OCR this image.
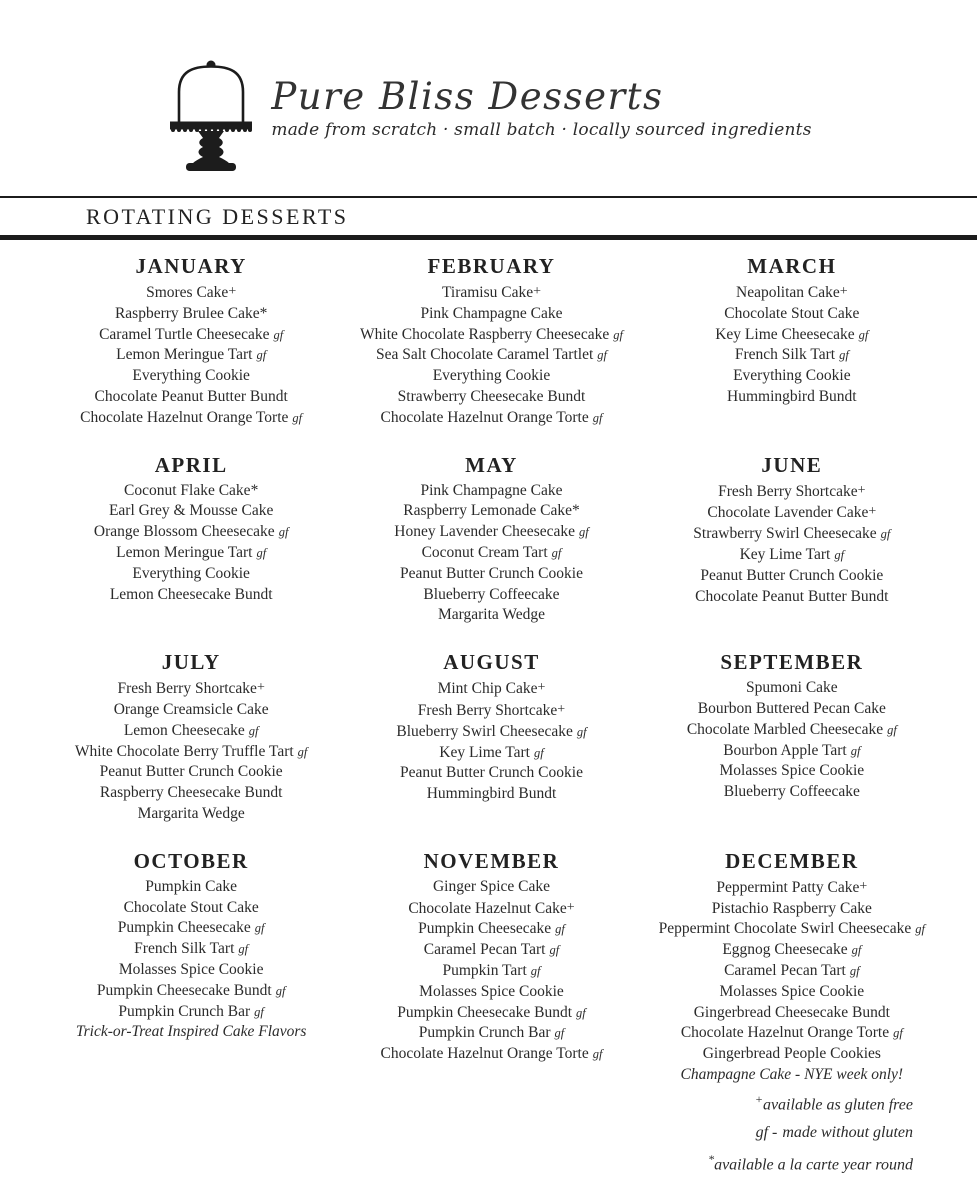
Pure Bliss Desserts
made from scratch · small batch · locally sourced ingredients
ROTATING DESSERTS
JANUARY
Smores Cake+
Raspberry Brulee Cake*
Caramel Turtle Cheesecake gf
Lemon Meringue Tart gf
Everything Cookie
Chocolate Peanut Butter Bundt
Chocolate Hazelnut Orange Torte gf
FEBRUARY
Tiramisu Cake+
Pink Champagne Cake
White Chocolate Raspberry Cheesecake gf
Sea Salt Chocolate Caramel Tartlet gf
Everything Cookie
Strawberry Cheesecake Bundt
Chocolate Hazelnut Orange Torte gf
MARCH
Neapolitan Cake+
Chocolate Stout Cake
Key Lime Cheesecake gf
French Silk Tart gf
Everything Cookie
Hummingbird Bundt
APRIL
Coconut Flake Cake*
Earl Grey & Mousse Cake
Orange Blossom Cheesecake gf
Lemon Meringue Tart gf
Everything Cookie
Lemon Cheesecake Bundt
MAY
Pink Champagne Cake
Raspberry Lemonade Cake*
Honey Lavender Cheesecake gf
Coconut Cream Tart gf
Peanut Butter Crunch Cookie
Blueberry Coffeecake
Margarita Wedge
JUNE
Fresh Berry Shortcake+
Chocolate Lavender Cake+
Strawberry Swirl Cheesecake gf
Key Lime Tart gf
Peanut Butter Crunch Cookie
Chocolate Peanut Butter Bundt
JULY
Fresh Berry Shortcake+
Orange Creamsicle Cake
Lemon Cheesecake gf
White Chocolate Berry Truffle Tart gf
Peanut Butter Crunch Cookie
Raspberry Cheesecake Bundt
Margarita Wedge
AUGUST
Mint Chip Cake+
Fresh Berry Shortcake+
Blueberry Swirl Cheesecake gf
Key Lime Tart gf
Peanut Butter Crunch Cookie
Hummingbird Bundt
SEPTEMBER
Spumoni Cake
Bourbon Buttered Pecan Cake
Chocolate Marbled Cheesecake gf
Bourbon Apple Tart gf
Molasses Spice Cookie
Blueberry Coffeecake
OCTOBER
Pumpkin Cake
Chocolate Stout Cake
Pumpkin Cheesecake gf
French Silk Tart gf
Molasses Spice Cookie
Pumpkin Cheesecake Bundt gf
Pumpkin Crunch Bar gf
Trick-or-Treat Inspired Cake Flavors
NOVEMBER
Ginger Spice Cake
Chocolate Hazelnut Cake+
Pumpkin Cheesecake gf
Caramel Pecan Tart gf
Pumpkin Tart gf
Molasses Spice Cookie
Pumpkin Cheesecake Bundt gf
Pumpkin Crunch Bar gf
Chocolate Hazelnut Orange Torte gf
DECEMBER
Peppermint Patty Cake+
Pistachio Raspberry Cake
Peppermint Chocolate Swirl Cheesecake gf
Eggnog Cheesecake gf
Caramel Pecan Tart gf
Molasses Spice Cookie
Gingerbread Cheesecake Bundt
Chocolate Hazelnut Orange Torte gf
Gingerbread People Cookies
Champagne Cake - NYE week only!
+available as gluten free
gf - made without gluten
*available a la carte year round
